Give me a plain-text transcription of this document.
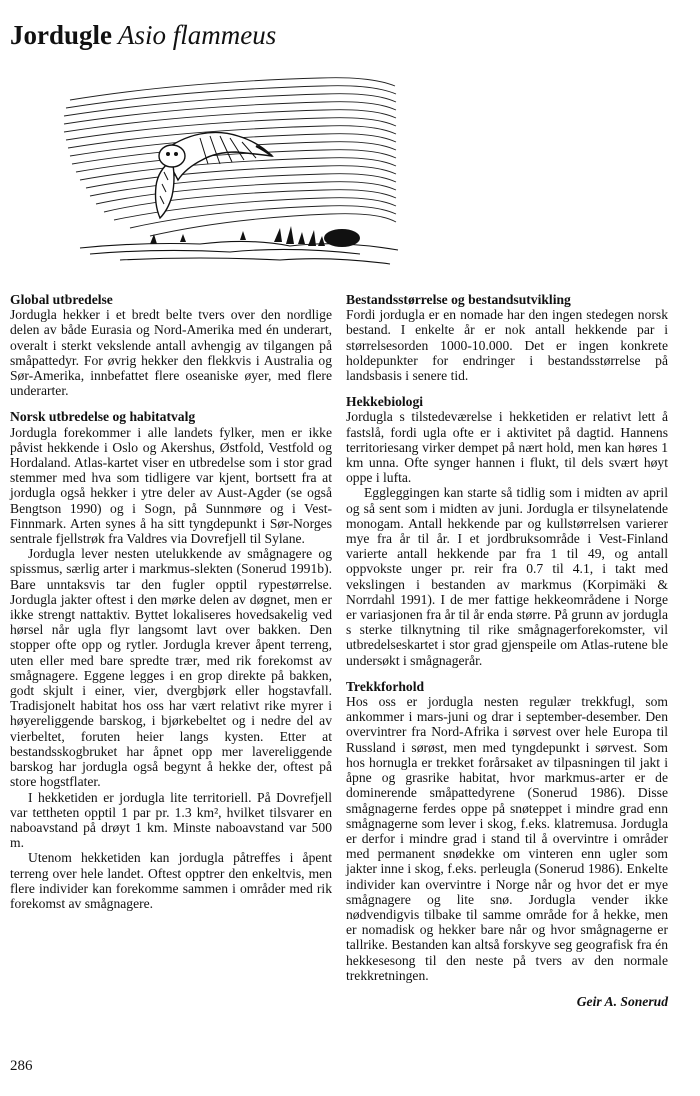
Jordugle Asio flammeus
Global utbredelse

Jordugla hekker i et bredt belte tvers over den nordlige delen av både Eurasia og Nord-Amerika med én underart, overalt i sterkt vekslende antall avhengig av tilgangen på småpattedyr. For øvrig hekker den flekkvis i Australia og Sør-Amerika, innbefattet flere oseaniske øyer, med flere underarter.

Norsk utbredelse og habitatvalg

Jordugla forekommer i alle landets fylker, men er ikke påvist hekkende i Oslo og Akershus, Østfold, Vestfold og Hordaland. Atlas-kartet viser en utbredelse som i stor grad stemmer med hva som tidligere var kjent, bortsett fra at jordugla også hekker i ytre deler av Aust-Agder (se også Bengtson 1990) og i Sogn, på Sunnmøre og i Vest-Finnmark. Arten synes å ha sitt tyngdepunkt i Sør-Norges sentrale fjellstrøk fra Valdres via Dovrefjell til Sylane.

Jordugla lever nesten utelukkende av smågnagere og spissmus, særlig arter i markmus-slekten (Sonerud 1991b). Bare unntaksvis tar den fugler opptil rypestørrelse. Jordugla jakter oftest i den mørke delen av døgnet, men er ikke strengt nattaktiv. Byttet lokaliseres hovedsakelig ved hørsel når ugla flyr langsomt lavt over bakken. Den stopper ofte opp og rytler. Jordugla krever åpent terreng, uten eller med bare spredte trær, med rik forekomst av smågnagere. Eggene legges i en grop direkte på bakken, godt skjult i einer, vier, dvergbjørk eller hogstavfall. Tradisjonelt habitat hos oss har vært relativt rike myrer i høyereliggende barskog, i bjørkebeltet og i nedre del av vierbeltet, foruten heier langs kysten. Etter at bestandsskogbruket har åpnet opp mer lavereliggende barskog har jordugla også begynt å hekke der, oftest på store hogstflater.

I hekketiden er jordugla lite territoriell. På Dovrefjell var tettheten opptil 1 par pr. 1.3 km², hvilket tilsvarer en naboavstand på drøyt 1 km. Minste naboavstand var 500 m.

Utenom hekketiden kan jordugla påtreffes i åpent terreng over hele landet. Oftest opptrer den enkeltvis, men flere individer kan forekomme sammen i områder med rik forekomst av smågnagere.

Bestandsstørrelse og bestandsutvikling

Fordi jordugla er en nomade har den ingen stedegen norsk bestand. I enkelte år er nok antall hekkende par i størrelsesorden 1000-10.000. Det er ingen konkrete holdepunkter for endringer i bestandsstørrelse på landsbasis i senere tid.

Hekkebiologi

Jordugla s tilstedeværelse i hekketiden er relativt lett å fastslå, fordi ugla ofte er i aktivitet på dagtid. Hannens territoriesang virker dempet på nært hold, men kan høres 1 km unna. Ofte synger hannen i flukt, til dels svært høyt oppe i lufta.

Eggleggingen kan starte så tidlig som i midten av april og så sent som i midten av juni. Jordugla er tilsynelatende monogam. Antall hekkende par og kullstørrelsen varierer mye fra år til år. I et jordbruksområde i Vest-Finland varierte antall hekkende par fra 1 til 49, og antall oppvokste unger pr. reir fra 0.7 til 4.1, i takt med vekslingen i bestanden av markmus (Korpimäki & Norrdahl 1991). I de mer fattige hekkeområdene i Norge er variasjonen fra år til år enda større. På grunn av jordugla s sterke tilknytning til rike smågnagerforekomster, vil utbredelseskartet i stor grad gjenspeile om Atlas-rutene ble undersøkt i smågnagerår.

Trekkforhold

Hos oss er jordugla nesten regulær trekkfugl, som ankommer i mars-juni og drar i september-desember. Den overvintrer fra Nord-Afrika i sørvest over hele Europa til Russland i sørøst, men med tyngdepunkt i sørvest. Som hos hornugla er trekket forårsaket av tilpasningen til jakt i åpne og grasrike habitat, hvor markmus-arter er de dominerende småpattedyrene (Sonerud 1986). Disse smågnagerne ferdes oppe på snøteppet i mindre grad enn smågnagerne som lever i skog, f.eks. klatremusa. Jordugla er derfor i mindre grad i stand til å overvintre i områder med permanent snødekke om vinteren enn ugler som jakter inne i skog, f.eks. perleugla (Sonerud 1986). Enkelte individer kan overvintre i Norge når og hvor det er mye smågnagere og lite snø. Jordugla vender ikke nødvendigvis tilbake til samme område for å hekke, men er nomadisk og hekker bare når og hvor smågnagerne er tallrike. Bestanden kan altså forskyve seg geografisk fra én hekkesesong til den neste på tvers av den normale trekkretningen.

Geir A. Sonerud
286
